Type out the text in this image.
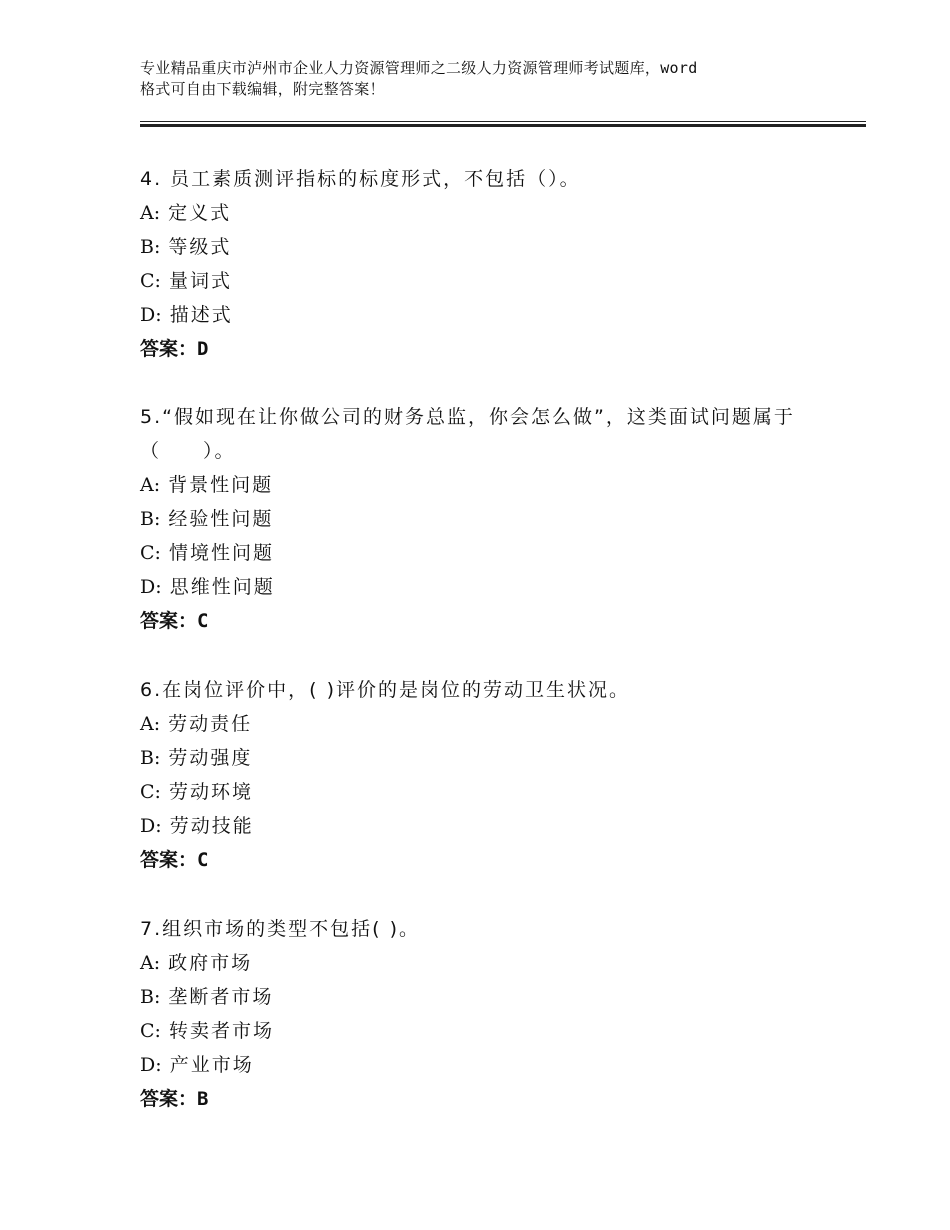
专业精品重庆市泸州市企业人力资源管理师之二级人力资源管理师考试题库，word
格式可自由下载编辑，附完整答案！
4. 员工素质测评指标的标度形式，不包括（）。
A: 定义式
B: 等级式
C: 量词式
D: 描述式
答案：D
5.“假如现在让你做公司的财务总监，你会怎么做”，这类面试问题属于（　　）。
A: 背景性问题
B: 经验性问题
C: 情境性问题
D: 思维性问题
答案：C
6.在岗位评价中，( )评价的是岗位的劳动卫生状况。
A: 劳动责任
B: 劳动强度
C: 劳动环境
D: 劳动技能
答案：C
7.组织市场的类型不包括( )。
A: 政府市场
B: 垄断者市场
C: 转卖者市场
D: 产业市场
答案：B
